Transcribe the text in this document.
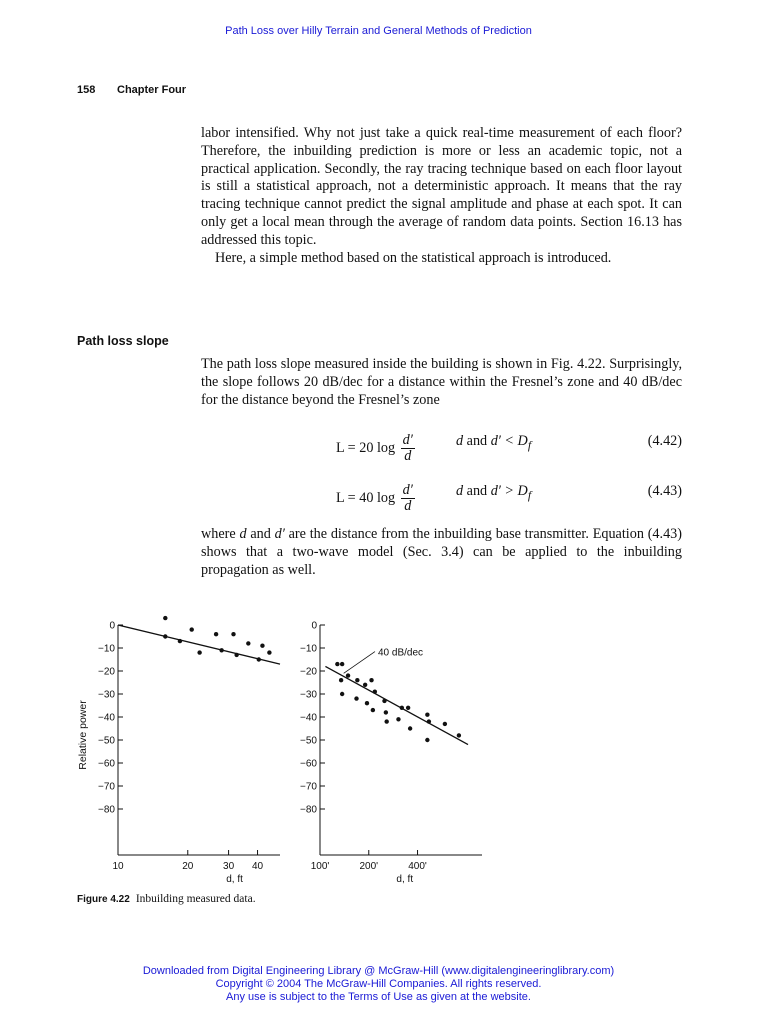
Path Loss over Hilly Terrain and General Methods of Prediction
158 Chapter Four

labor intensified. Why not just take a quick real-time measurement of each floor? Therefore, the inbuilding prediction is more or less an academic topic, not a practical application. Secondly, the ray tracing technique based on each floor layout is still a statistical approach, not a deterministic approach. It means that the ray tracing technique cannot predict the signal amplitude and phase at each spot. It can only get a local mean through the average of random data points. Section 16.13 has addressed this topic.

Here, a simple method based on the statistical approach is introduced.

Path loss slope

The path loss slope measured inside the building is shown in Fig. 4.22. Surprisingly, the slope follows 20 dB/dec for a distance within the Fresnel’s zone and 40 dB/dec for the distance beyond the Fresnel’s zone

L = 20 $\log \frac{d'}{d}$	d and $d' < D_f$	(4.42)
L = 40 $\log \frac{d'}{d}$	d and $d' > D_f$	(4.43)

where d and d′ are the distance from the inbuilding base transmitter. Equation (4.43) shows that a two-wave model (Sec. 3.4) can be applied to the inbuilding propagation as well.

0
−10
−20
−30
−40
−50
−60
−70
−80
10	20	30 40
d, ft
Relative power
0
−10
−20
−30
−40
−50
−60
−70
−80
100'	200'	400'
d, ft
40 dB/dec
Figure 4.22 Inbuilding measured data.
Downloaded from Digital Engineering Library @ McGraw-Hill (www.digitalengineeringlibrary.com)
Copyright © 2004 The McGraw-Hill Companies. All rights reserved.
Any use is subject to the Terms of Use as given at the website.
